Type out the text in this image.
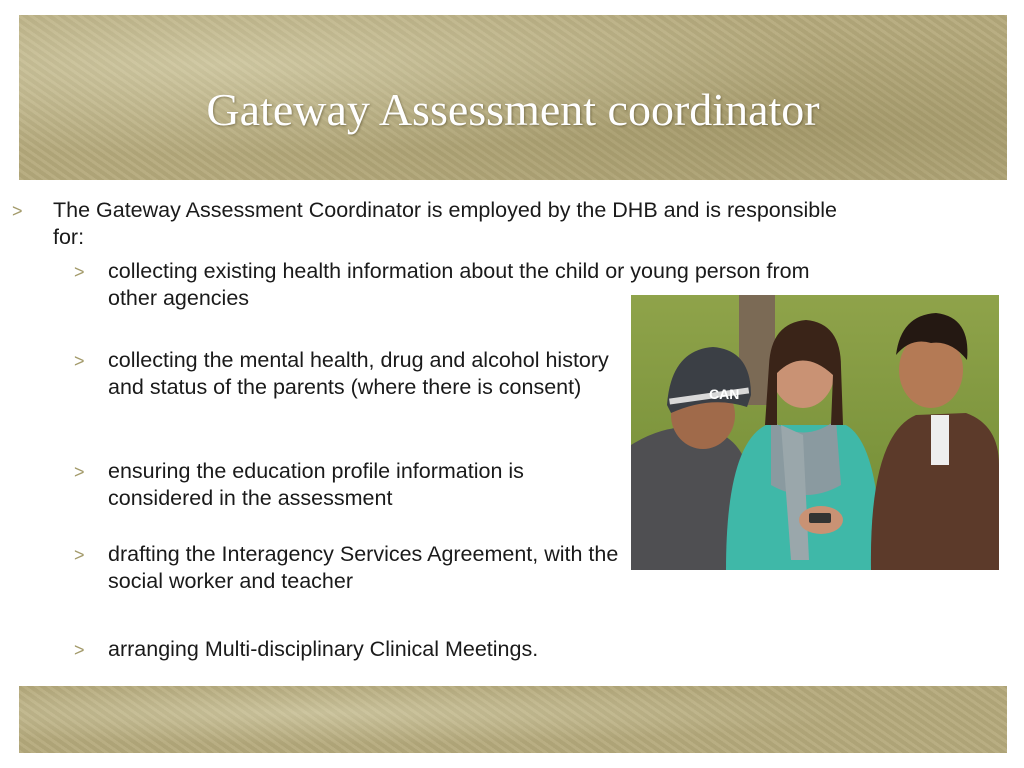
Gateway Assessment coordinator
> The Gateway Assessment Coordinator is employed by the DHB and is responsible for:
> collecting existing health information about the child or young person from other agencies
> collecting the mental health, drug and alcohol history and status of the parents (where there is consent)
> ensuring the education profile information is considered in the assessment
> drafting the Interagency Services Agreement, with the social worker and teacher
> arranging Multi-disciplinary Clinical Meetings.
CAN
